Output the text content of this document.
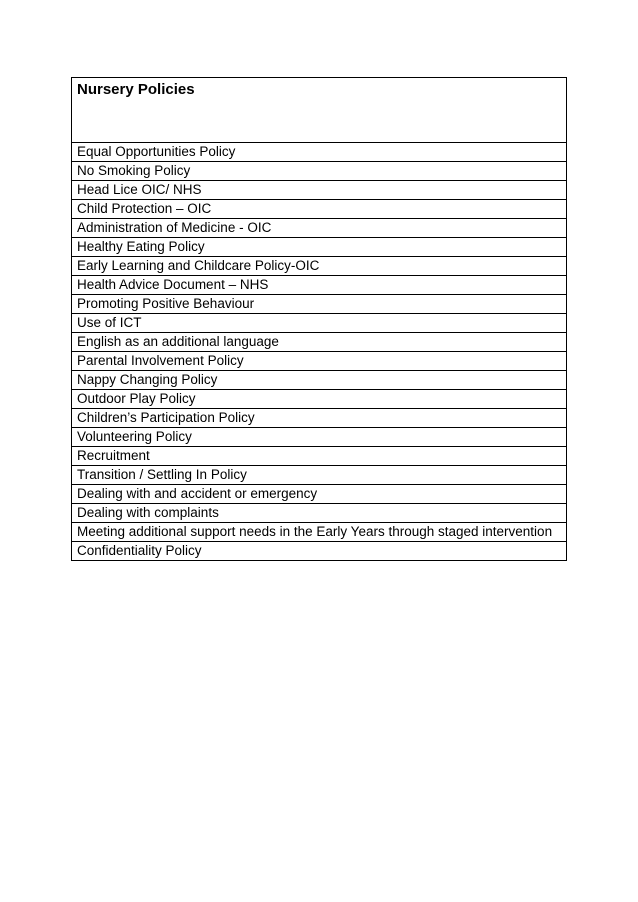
Nursery Policies
Equal Opportunities Policy
No Smoking Policy
Head Lice OIC/ NHS
Child Protection – OIC
Administration of Medicine - OIC
Healthy Eating Policy
Early Learning and Childcare Policy-OIC
Health Advice Document – NHS
Promoting Positive Behaviour
Use of ICT
English as an additional language
Parental Involvement Policy
Nappy Changing Policy
Outdoor Play Policy
Children’s Participation Policy
Volunteering Policy
Recruitment
Transition / Settling In Policy
Dealing with and accident or emergency
Dealing with complaints
Meeting additional support needs in the Early Years through staged intervention
Confidentiality Policy
